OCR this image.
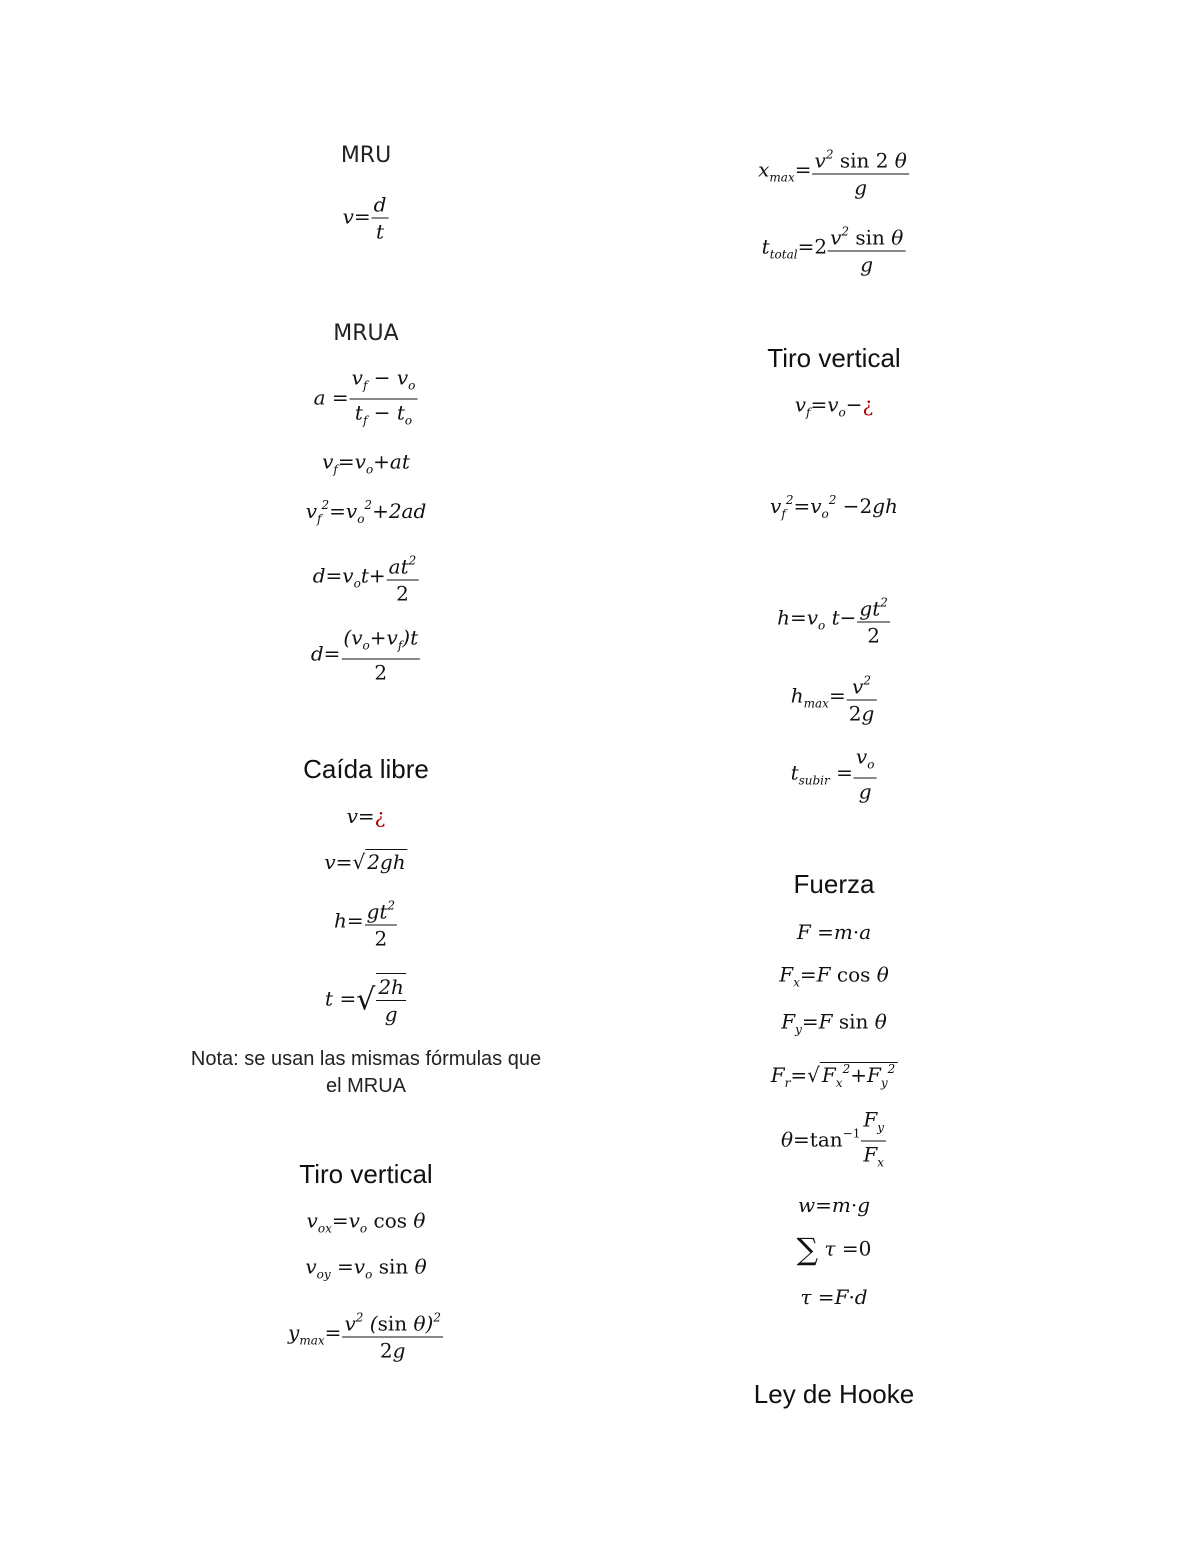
MRU
$v= \frac{d}{t}$
MRUA
$a = \frac{v_f - v_o}{t_f - t_o}$
$v_f=v_o+at$
$v_f^2=v_o^2+2ad$
$d=v_ot+ \frac{at^2}{2}$
$d= \frac{(v_o+v_f)t}{2}$
Caída libre
v=¿
v=√ 2gh
$h= \frac{gt^2}{2}$
t =√ $\frac{2h}{g}$
Nota: se usan las mismas fórmulas que
el MRUA
Tiro vertical
$v_{ox}=v_o$ cos θ
$v_{oy} =v_o$ sin θ
$y_{max}= \frac{v^2 (\sin \theta)^2}{2g}$
$x_{max}= \frac{v^2 \sin 2 \theta}{g}$
$t_{total}=2 \frac{v^2 \sin \theta}{g}$
Tiro vertical
$v_f=v_o-¿$
$v_f^2=v_o^2 -2gh$
$h=v_o$ $t- \frac{gt^2}{2}$
$h_{max}= \frac{v^2}{2g}$
$t_{subir} = \frac{v_o}{g}$
Fuerza
F =m·a
$F_x=F$ cos θ
$F_y=F$ sin θ
$F_r=√$ $F_x^2+F_y^2$
$\theta=\tan^{-1} \frac{F_y}{F_x}$
w=m·g
∑ τ =0
τ =F·d
Ley de Hooke
